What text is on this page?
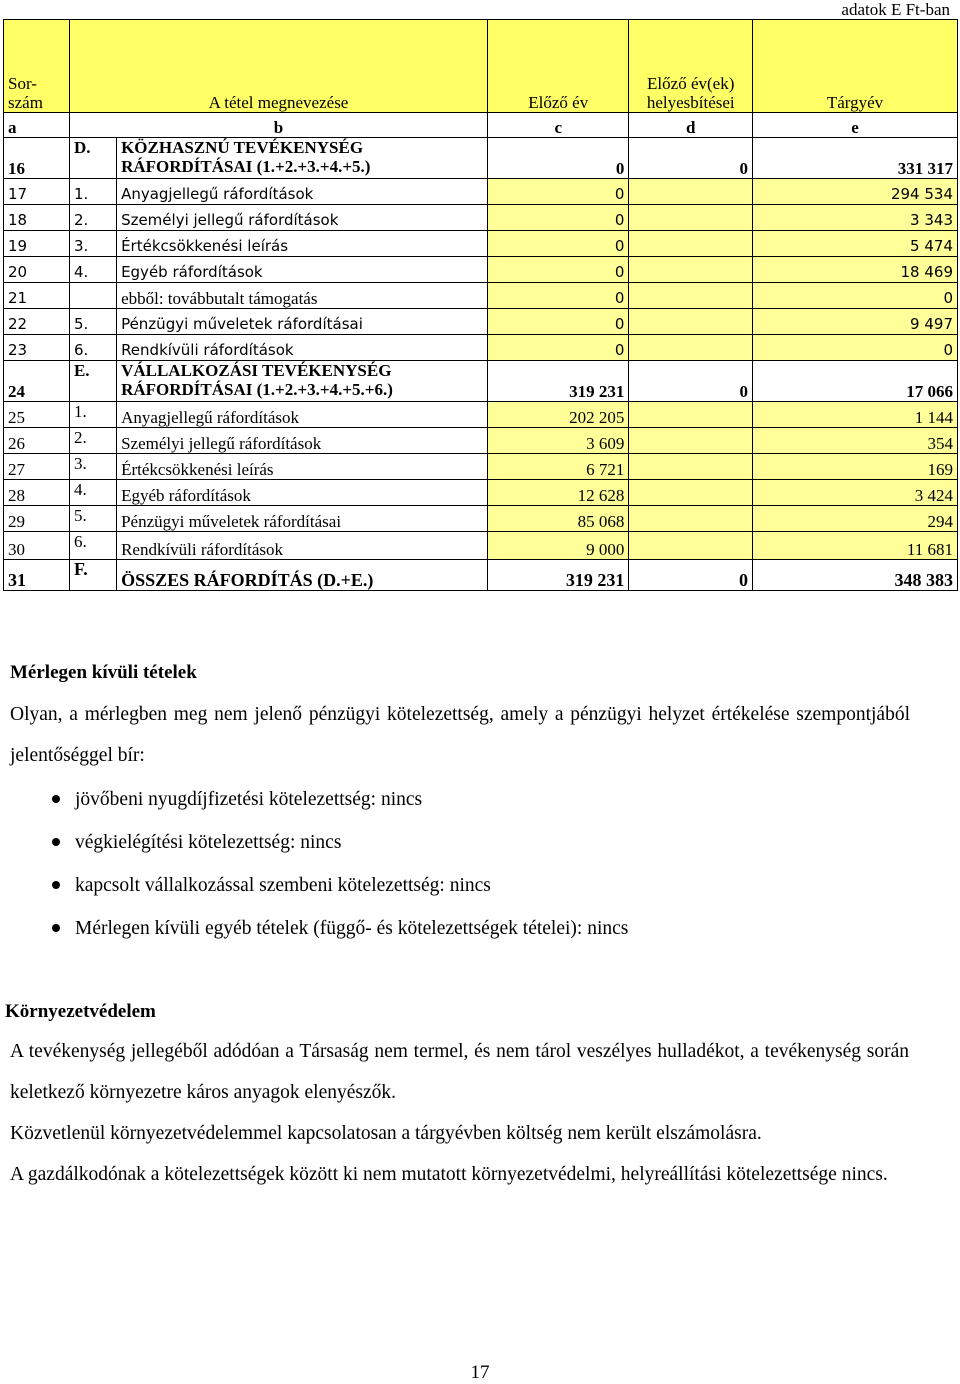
adatok E Ft-ban
Sor-szám	A tétel megnevezése		Előző év	Előző év(ek) helyesbítései	Tárgyév
a	b		c	d	e
16	D.	KÖZHASZNÚ TEVÉKENYSÉG RÁFORDÍTÁSAI (1.+2.+3.+4.+5.)	0	0	331 317
17	1.	Anyagjellegű ráfordítások	0		294 534
18	2.	Személyi jellegű ráfordítások	0		3 343
19	3.	Értékcsökkenési leírás	0		5 474
20	4.	Egyéb ráfordítások	0		18 469
21		ebből: továbbutalt támogatás	0		0
22	5.	Pénzügyi műveletek ráfordításai	0		9 497
23	6.	Rendkívüli ráfordítások	0		0
24	E.	VÁLLALKOZÁSI TEVÉKENYSÉG RÁFORDÍTÁSAI (1.+2.+3.+4.+5.+6.)	319 231	0	17 066
25	1.	Anyagjellegű ráfordítások	202 205		1 144
26	2.	Személyi jellegű ráfordítások	3 609		354
27	3.	Értékcsökkenési leírás	6 721		169
28	4.	Egyéb ráfordítások	12 628		3 424
29	5.	Pénzügyi műveletek ráfordításai	85 068		294
30	6.	Rendkívüli ráfordítások	9 000		11 681
31	F.	ÖSSZES RÁFORDÍTÁS (D.+E.)	319 231	0	348 383
Mérlegen kívüli tételek

Olyan, a mérlegben meg nem jelenő pénzügyi kötelezettség, amely a pénzügyi helyzet értékelése szempontjából jelentőséggel bír:

jövőbeni nyugdíjfizetési kötelezettség: nincs
végkielégítési kötelezettség: nincs
kapcsolt vállalkozással szembeni kötelezettség: nincs
Mérlegen kívüli egyéb tételek (függő- és kötelezettségek tételei): nincs
Környezetvédelem

A tevékenység jellegéből adódóan a Társaság nem termel, és nem tárol veszélyes hulladékot, a tevékenység során keletkező környezetre káros anyagok elenyészők.

Közvetlenül környezetvédelemmel kapcsolatosan a tárgyévben költség nem került elszámolásra.

A gazdálkodónak a kötelezettségek között ki nem mutatott környezetvédelmi, helyreállítási kötelezettsége nincs.

17
